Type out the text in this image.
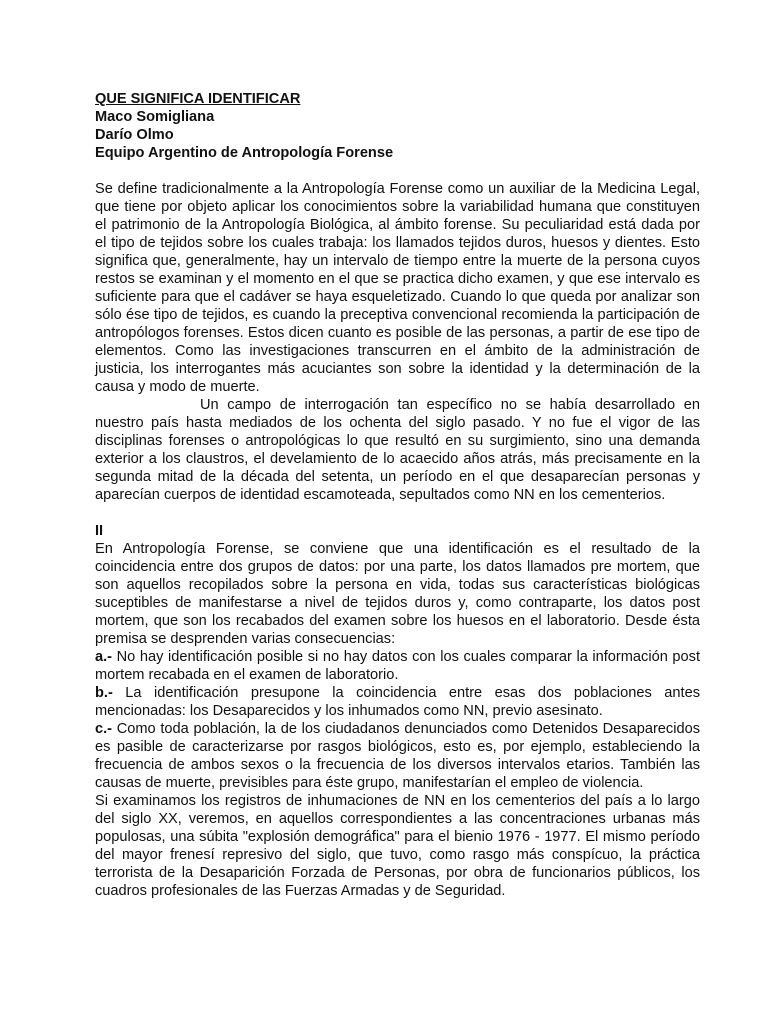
QUE SIGNIFICA IDENTIFICAR
Maco Somigliana
Darío Olmo
Equipo Argentino de Antropología Forense

Se define tradicionalmente a la Antropología Forense como un auxiliar de la Medicina Legal, que tiene por objeto aplicar los conocimientos sobre la variabilidad humana que constituyen el patrimonio de la Antropología Biológica, al ámbito forense. Su peculiaridad está dada por el tipo de tejidos sobre los cuales trabaja: los llamados tejidos duros, huesos y dientes. Esto significa que, generalmente, hay un intervalo de tiempo entre la muerte de la persona cuyos restos se examinan y el momento en el que se practica dicho examen, y que ese intervalo es suficiente para que el cadáver se haya esqueletizado. Cuando lo que queda por analizar son sólo ése tipo de tejidos, es cuando la preceptiva convencional recomienda la participación de antropólogos forenses. Estos dicen cuanto es posible de las personas, a partir de ese tipo de elementos. Como las investigaciones transcurren en el ámbito de la administración de justicia, los interrogantes más acuciantes son sobre la identidad y la determinación de la causa y modo de muerte.

Un campo de interrogación tan específico no se había desarrollado en nuestro país hasta mediados de los ochenta del siglo pasado. Y no fue el vigor de las disciplinas forenses o antropológicas lo que resultó en su surgimiento, sino una demanda exterior a los claustros, el develamiento de lo acaecido años atrás, más precisamente en la segunda mitad de la década del setenta, un período en el que desaparecían personas y aparecían cuerpos de identidad escamoteada, sepultados como NN en los cementerios.

II

En Antropología Forense, se conviene que una identificación es el resultado de la coincidencia entre dos grupos de datos: por una parte, los datos llamados pre mortem, que son aquellos recopilados sobre la persona en vida, todas sus características biológicas suceptibles de manifestarse a nivel de tejidos duros y, como contraparte, los datos post mortem, que son los recabados del examen sobre los huesos en el laboratorio. Desde ésta premisa se desprenden varias consecuencias:

a.- No hay identificación posible si no hay datos con los cuales comparar la información post mortem recabada en el examen de laboratorio.

b.- La identificación presupone la coincidencia entre esas dos poblaciones antes mencionadas: los Desaparecidos y los inhumados como NN, previo asesinato.

c.- Como toda población, la de los ciudadanos denunciados como Detenidos Desaparecidos es pasible de caracterizarse por rasgos biológicos, esto es, por ejemplo, estableciendo la frecuencia de ambos sexos o la frecuencia de los diversos intervalos etarios. También las causas de muerte, previsibles para éste grupo, manifestarían el empleo de violencia.

Si examinamos los registros de inhumaciones de NN en los cementerios del país a lo largo del siglo XX, veremos, en aquellos correspondientes a las concentraciones urbanas más populosas, una súbita "explosión demográfica" para el bienio 1976 - 1977. El mismo período del mayor frenesí represivo del siglo, que tuvo, como rasgo más conspícuo, la práctica terrorista de la Desaparición Forzada de Personas, por obra de funcionarios públicos, los cuadros profesionales de las Fuerzas Armadas y de Seguridad.
